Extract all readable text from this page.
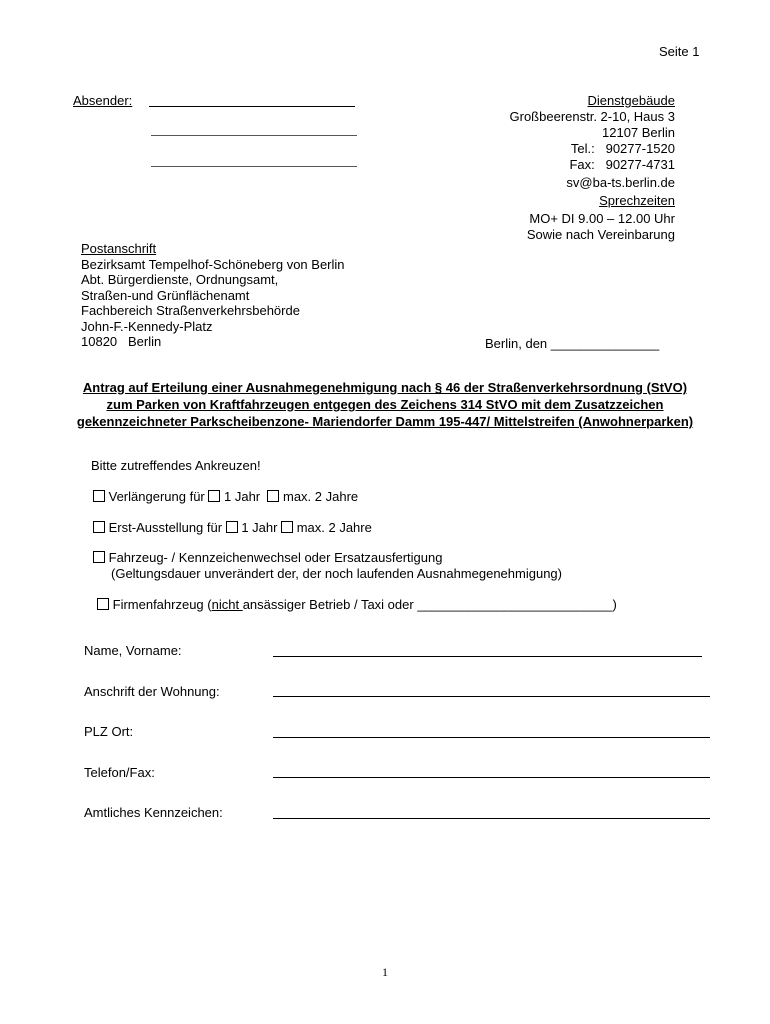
Seite 1
Absender:	Dienstgebäude
Großbeerenstr. 2-10, Haus 3
12107 Berlin
Tel.:   90277-1520
Fax:   90277-4731
sv@ba-ts.berlin.de
Sprechzeiten
MO+ DI 9.00 – 12.00 Uhr
Sowie nach Vereinbarung
Postanschrift
Bezirksamt Tempelhof-Schöneberg von Berlin
Abt. Bürgerdienste, Ordnungsamt,
Straßen-und Grünflächenamt
Fachbereich Straßenverkehrsbehörde
John-F.-Kennedy-Platz
10820   Berlin	Berlin, den _______________
Antrag auf Erteilung einer Ausnahmegenehmigung nach § 46 der Straßenverkehrsordnung (StVO) zum Parken von Kraftfahrzeugen entgegen des Zeichens 314 StVO mit dem Zusatzzeichen gekennzeichneter Parkscheibenzone- Mariendorfer Damm 195-447/ Mittelstreifen (Anwohnerparken)
Bitte zutreffendes Ankreuzen!
Verlängerung für 1 Jahr max. 2 Jahre
Erst-Ausstellung für 1 Jahr max. 2 Jahre
Fahrzeug- / Kennzeichenwechsel oder Ersatzausfertigung
(Geltungsdauer unverändert der, der noch laufenden Ausnahmegenehmigung)
Firmenfahrzeug (nicht ansässiger Betrieb / Taxi oder ___________________________)
Name, Vorname:
Anschrift der Wohnung:
PLZ Ort:
Telefon/Fax:
Amtliches Kennzeichen:
1
